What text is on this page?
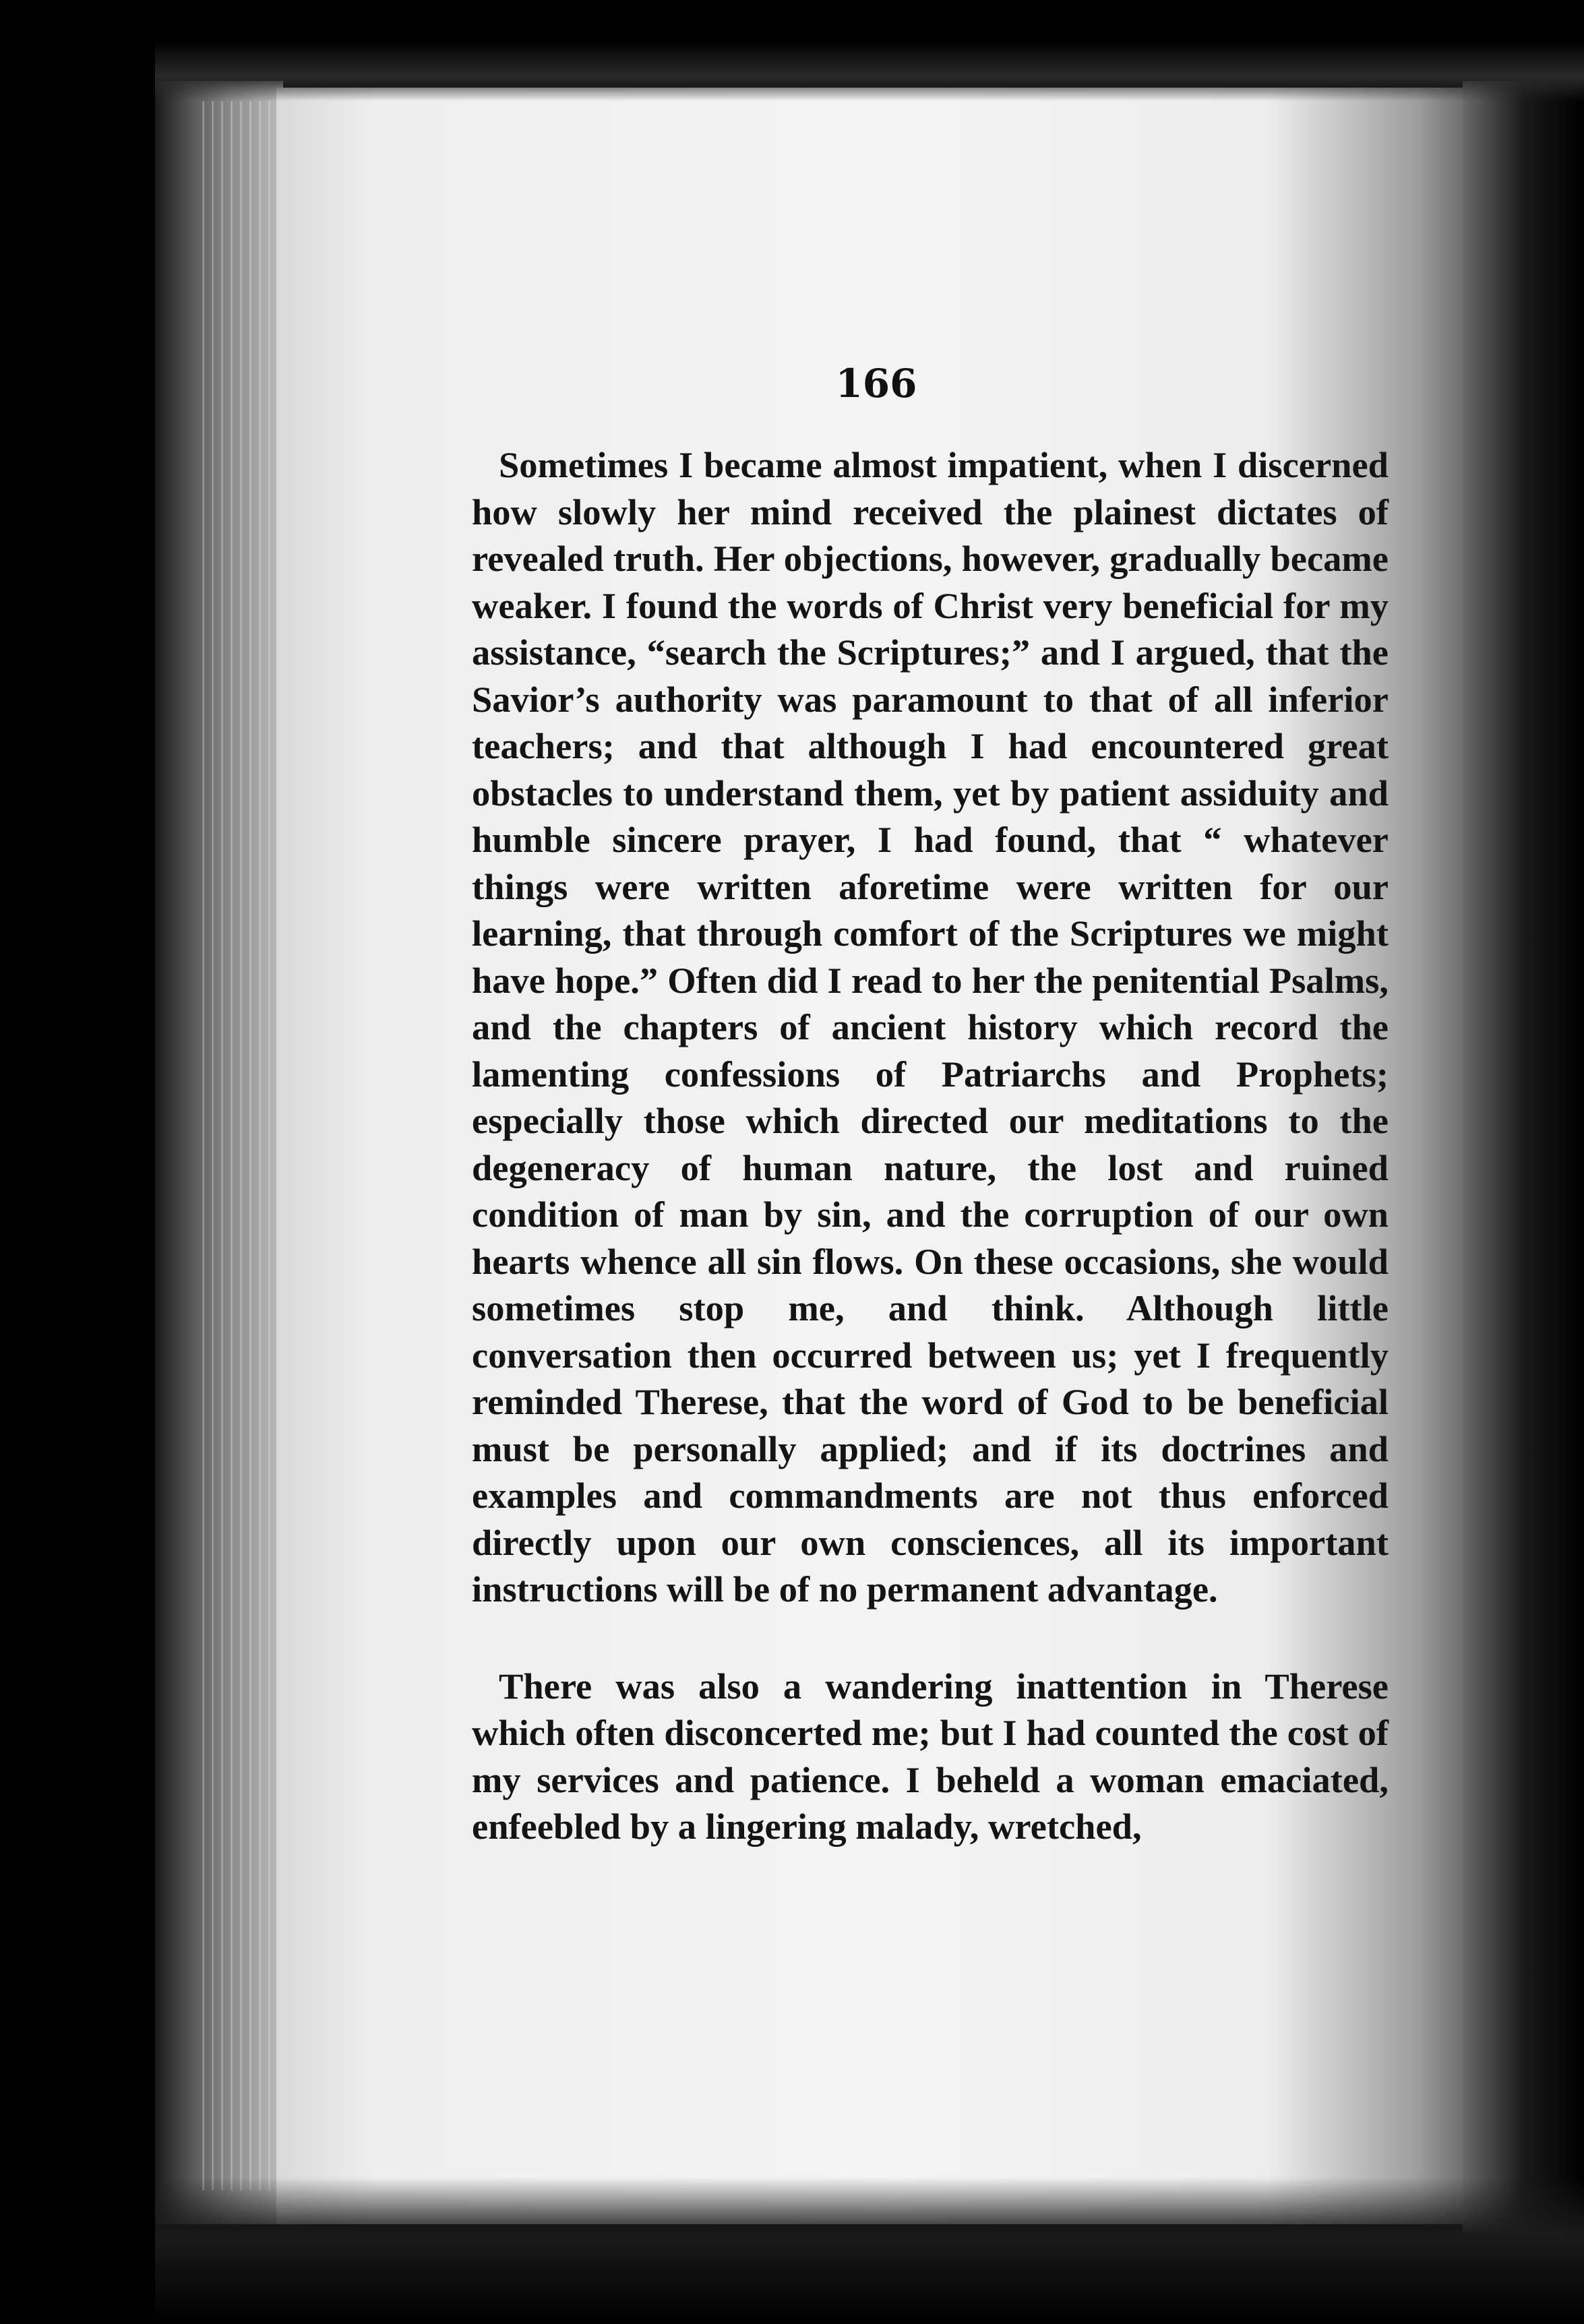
166

Sometimes I became almost impatient, when I discerned how slowly her mind received the plainest dictates of revealed truth. Her objections, however, gradually became weaker. I found the words of Christ very beneficial for my assistance, “search the Scriptures;” and I argued, that the Savior’s authority was paramount to that of all inferior teachers; and that although I had encountered great obstacles to understand them, yet by patient assiduity and humble sincere prayer, I had found, that “ whatever things were written aforetime were written for our learning, that through comfort of the Scriptures we might have hope.” Often did I read to her the penitential Psalms, and the chapters of ancient history which record the lamenting confessions of Patriarchs and Prophets; especially those which directed our meditations to the degeneracy of human nature, the lost and ruined condition of man by sin, and the corruption of our own hearts whence all sin flows. On these occasions, she would sometimes stop me, and think. Although little conversation then occurred between us; yet I frequently reminded Therese, that the word of God to be beneficial must be personally applied; and if its doctrines and examples and commandments are not thus enforced directly upon our own consciences, all its important instructions will be of no permanent advantage.

There was also a wandering inattention in Therese which often disconcerted me; but I had counted the cost of my services and patience. I beheld a woman emaciated, enfeebled by a lingering malady, wretched,
